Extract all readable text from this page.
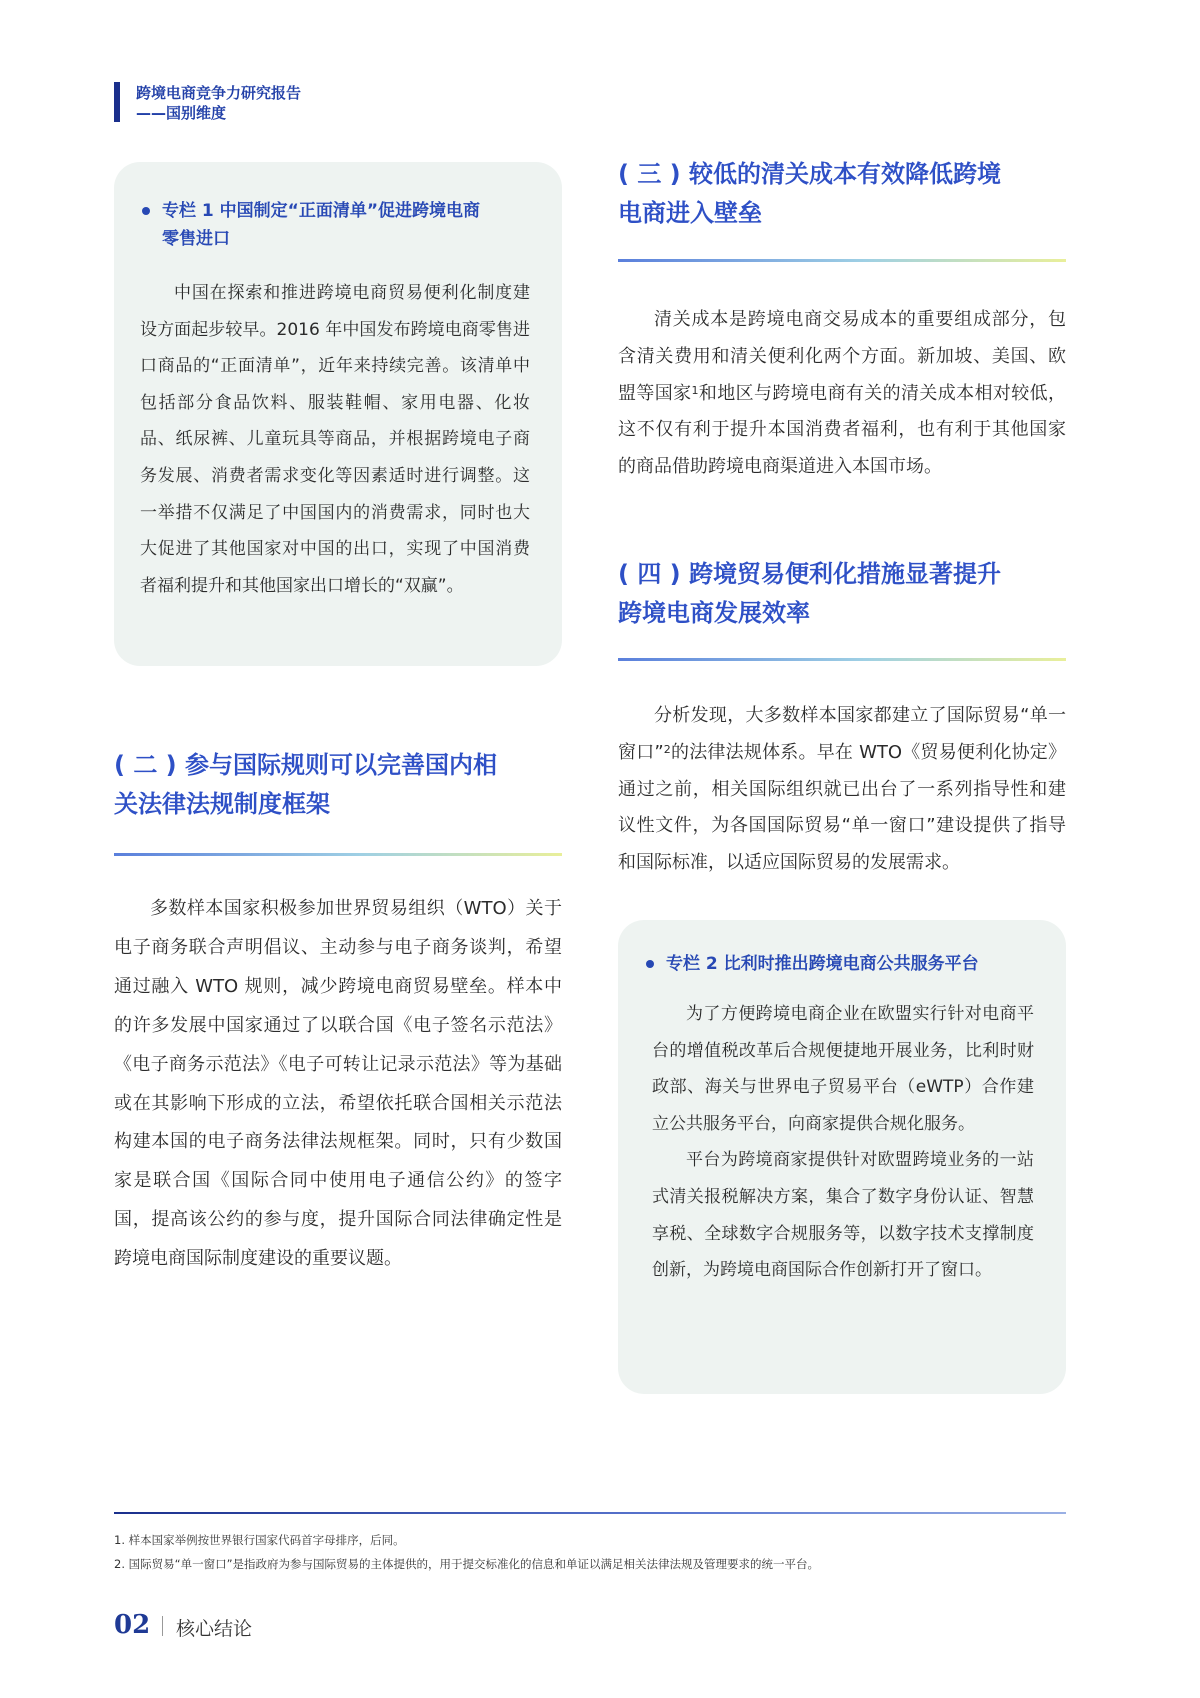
跨境电商竞争力研究报告
——国别维度
专栏 1 中国制定“正面清单”促进跨境电商
零售进口

中国在探索和推进跨境电商贸易便利化制度建设方面起步较早。2016 年中国发布跨境电商零售进口商品的“正面清单”，近年来持续完善。该清单中包括部分食品饮料、服装鞋帽、家用电器、化妆品、纸尿裤、儿童玩具等商品，并根据跨境电子商务发展、消费者需求变化等因素适时进行调整。这一举措不仅满足了中国国内的消费需求，同时也大大促进了其他国家对中国的出口，实现了中国消费者福利提升和其他国家出口增长的“双赢”。

( 二 ) 参与国际规则可以完善国内相
关法律法规制度框架

多数样本国家积极参加世界贸易组织（WTO）关于电子商务联合声明倡议、主动参与电子商务谈判，希望通过融入 WTO 规则，减少跨境电商贸易壁垒。样本中的许多发展中国家通过了以联合国《电子签名示范法》《电子商务示范法》《电子可转让记录示范法》等为基础或在其影响下形成的立法，希望依托联合国相关示范法构建本国的电子商务法律法规框架。同时，只有少数国家是联合国《国际合同中使用电子通信公约》的签字国，提高该公约的参与度，提升国际合同法律确定性是跨境电商国际制度建设的重要议题。

( 三 ) 较低的清关成本有效降低跨境
电商进入壁垒

清关成本是跨境电商交易成本的重要组成部分，包含清关费用和清关便利化两个方面。新加坡、美国、欧盟等国家$^1$和地区与跨境电商有关的清关成本相对较低，这不仅有利于提升本国消费者福利，也有利于其他国家的商品借助跨境电商渠道进入本国市场。

( 四 ) 跨境贸易便利化措施显著提升
跨境电商发展效率

分析发现，大多数样本国家都建立了国际贸易“单一窗口”$^2$的法律法规体系。早在 WTO《贸易便利化协定》通过之前，相关国际组织就已出台了一系列指导性和建议性文件，为各国国际贸易“单一窗口”建设提供了指导和国际标准，以适应国际贸易的发展需求。

专栏 2 比利时推出跨境电商公共服务平台

为了方便跨境电商企业在欧盟实行针对电商平台的增值税改革后合规便捷地开展业务，比利时财政部、海关与世界电子贸易平台（eWTP）合作建立公共服务平台，向商家提供合规化服务。

平台为跨境商家提供针对欧盟跨境业务的一站式清关报税解决方案，集合了数字身份认证、智慧享税、全球数字合规服务等，以数字技术支撑制度创新，为跨境电商国际合作创新打开了窗口。

1. 样本国家举例按世界银行国家代码首字母排序，后同。
2. 国际贸易“单一窗口”是指政府为参与国际贸易的主体提供的，用于提交标准化的信息和单证以满足相关法律法规及管理要求的统一平台。
02 核心结论
